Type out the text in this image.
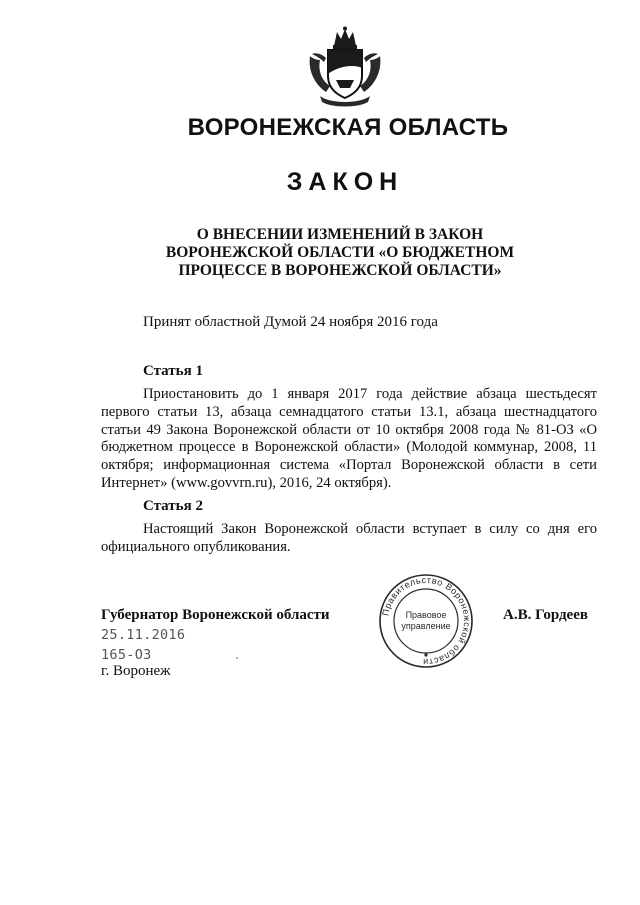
ВОРОНЕЖСКАЯ ОБЛАСТЬ
ЗАКОН
О ВНЕСЕНИИ ИЗМЕНЕНИЙ В ЗАКОН
ВОРОНЕЖСКОЙ ОБЛАСТИ «О БЮДЖЕТНОМ
ПРОЦЕССЕ В ВОРОНЕЖСКОЙ ОБЛАСТИ»
Принят областной Думой 24 ноября 2016 года
Статья 1
Приостановить до 1 января 2017 года действие абзаца шестьдесят первого статьи 13, абзаца семнадцатого статьи 13.1, абзаца шестнадцатого статьи 49 Закона Воронежской области от 10 октября 2008 года № 81-ОЗ «О бюджетном процессе в Воронежской области» (Молодой коммунар, 2008, 11 октября; информационная система «Портал Воронежской области в сети Интернет» (www.govvrn.ru), 2016, 24 октября).
Статья 2
Настоящий Закон Воронежской области вступает в силу со дня его официального опубликования.
Губернатор Воронежской области	Правительство Воронежской области
Правовое
управление
А.В. Гордеев
25.11.2016
165-ОЗ
г. Воронеж
